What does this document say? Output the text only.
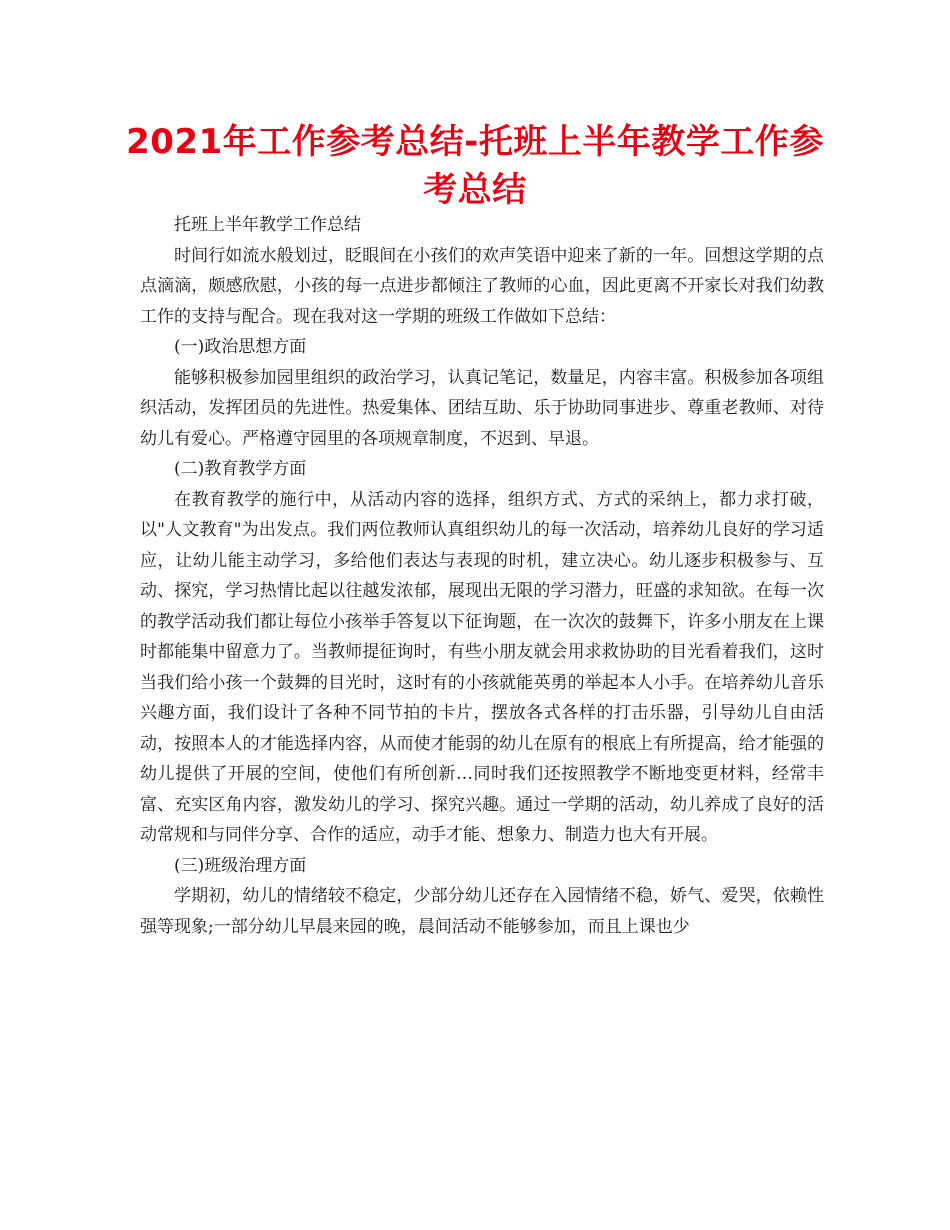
2021年工作参考总结-托班上半年教学工作参考总结

托班上半年教学工作总结

时间行如流水般划过，眨眼间在小孩们的欢声笑语中迎来了新的一年。回想这学期的点点滴滴，颇感欣慰，小孩的每一点进步都倾注了教师的心血，因此更离不开家长对我们幼教工作的支持与配合。现在我对这一学期的班级工作做如下总结：

(一)政治思想方面

能够积极参加园里组织的政治学习，认真记笔记，数量足，内容丰富。积极参加各项组织活动，发挥团员的先进性。热爱集体、团结互助、乐于协助同事进步、尊重老教师、对待幼儿有爱心。严格遵守园里的各项规章制度，不迟到、早退。

(二)教育教学方面

在教育教学的施行中，从活动内容的选择，组织方式、方式的采纳上，都力求打破，以"人文教育"为出发点。我们两位教师认真组织幼儿的每一次活动，培养幼儿良好的学习适应，让幼儿能主动学习，多给他们表达与表现的时机，建立决心。幼儿逐步积极参与、互动、探究，学习热情比起以往越发浓郁，展现出无限的学习潜力，旺盛的求知欲。在每一次的教学活动我们都让每位小孩举手答复以下征询题，在一次次的鼓舞下，许多小朋友在上课时都能集中留意力了。当教师提征询时，有些小朋友就会用求救协助的目光看着我们，这时当我们给小孩一个鼓舞的目光时，这时有的小孩就能英勇的举起本人小手。在培养幼儿音乐兴趣方面，我们设计了各种不同节拍的卡片，摆放各式各样的打击乐器，引导幼儿自由活动，按照本人的才能选择内容，从而使才能弱的幼儿在原有的根底上有所提高，给才能强的幼儿提供了开展的空间，使他们有所创新…同时我们还按照教学不断地变更材料，经常丰富、充实区角内容，激发幼儿的学习、探究兴趣。通过一学期的活动，幼儿养成了良好的活动常规和与同伴分享、合作的适应，动手才能、想象力、制造力也大有开展。

(三)班级治理方面

学期初，幼儿的情绪较不稳定，少部分幼儿还存在入园情绪不稳，娇气、爱哭，依赖性强等现象;一部分幼儿早晨来园的晚，晨间活动不能够参加，而且上课也少
